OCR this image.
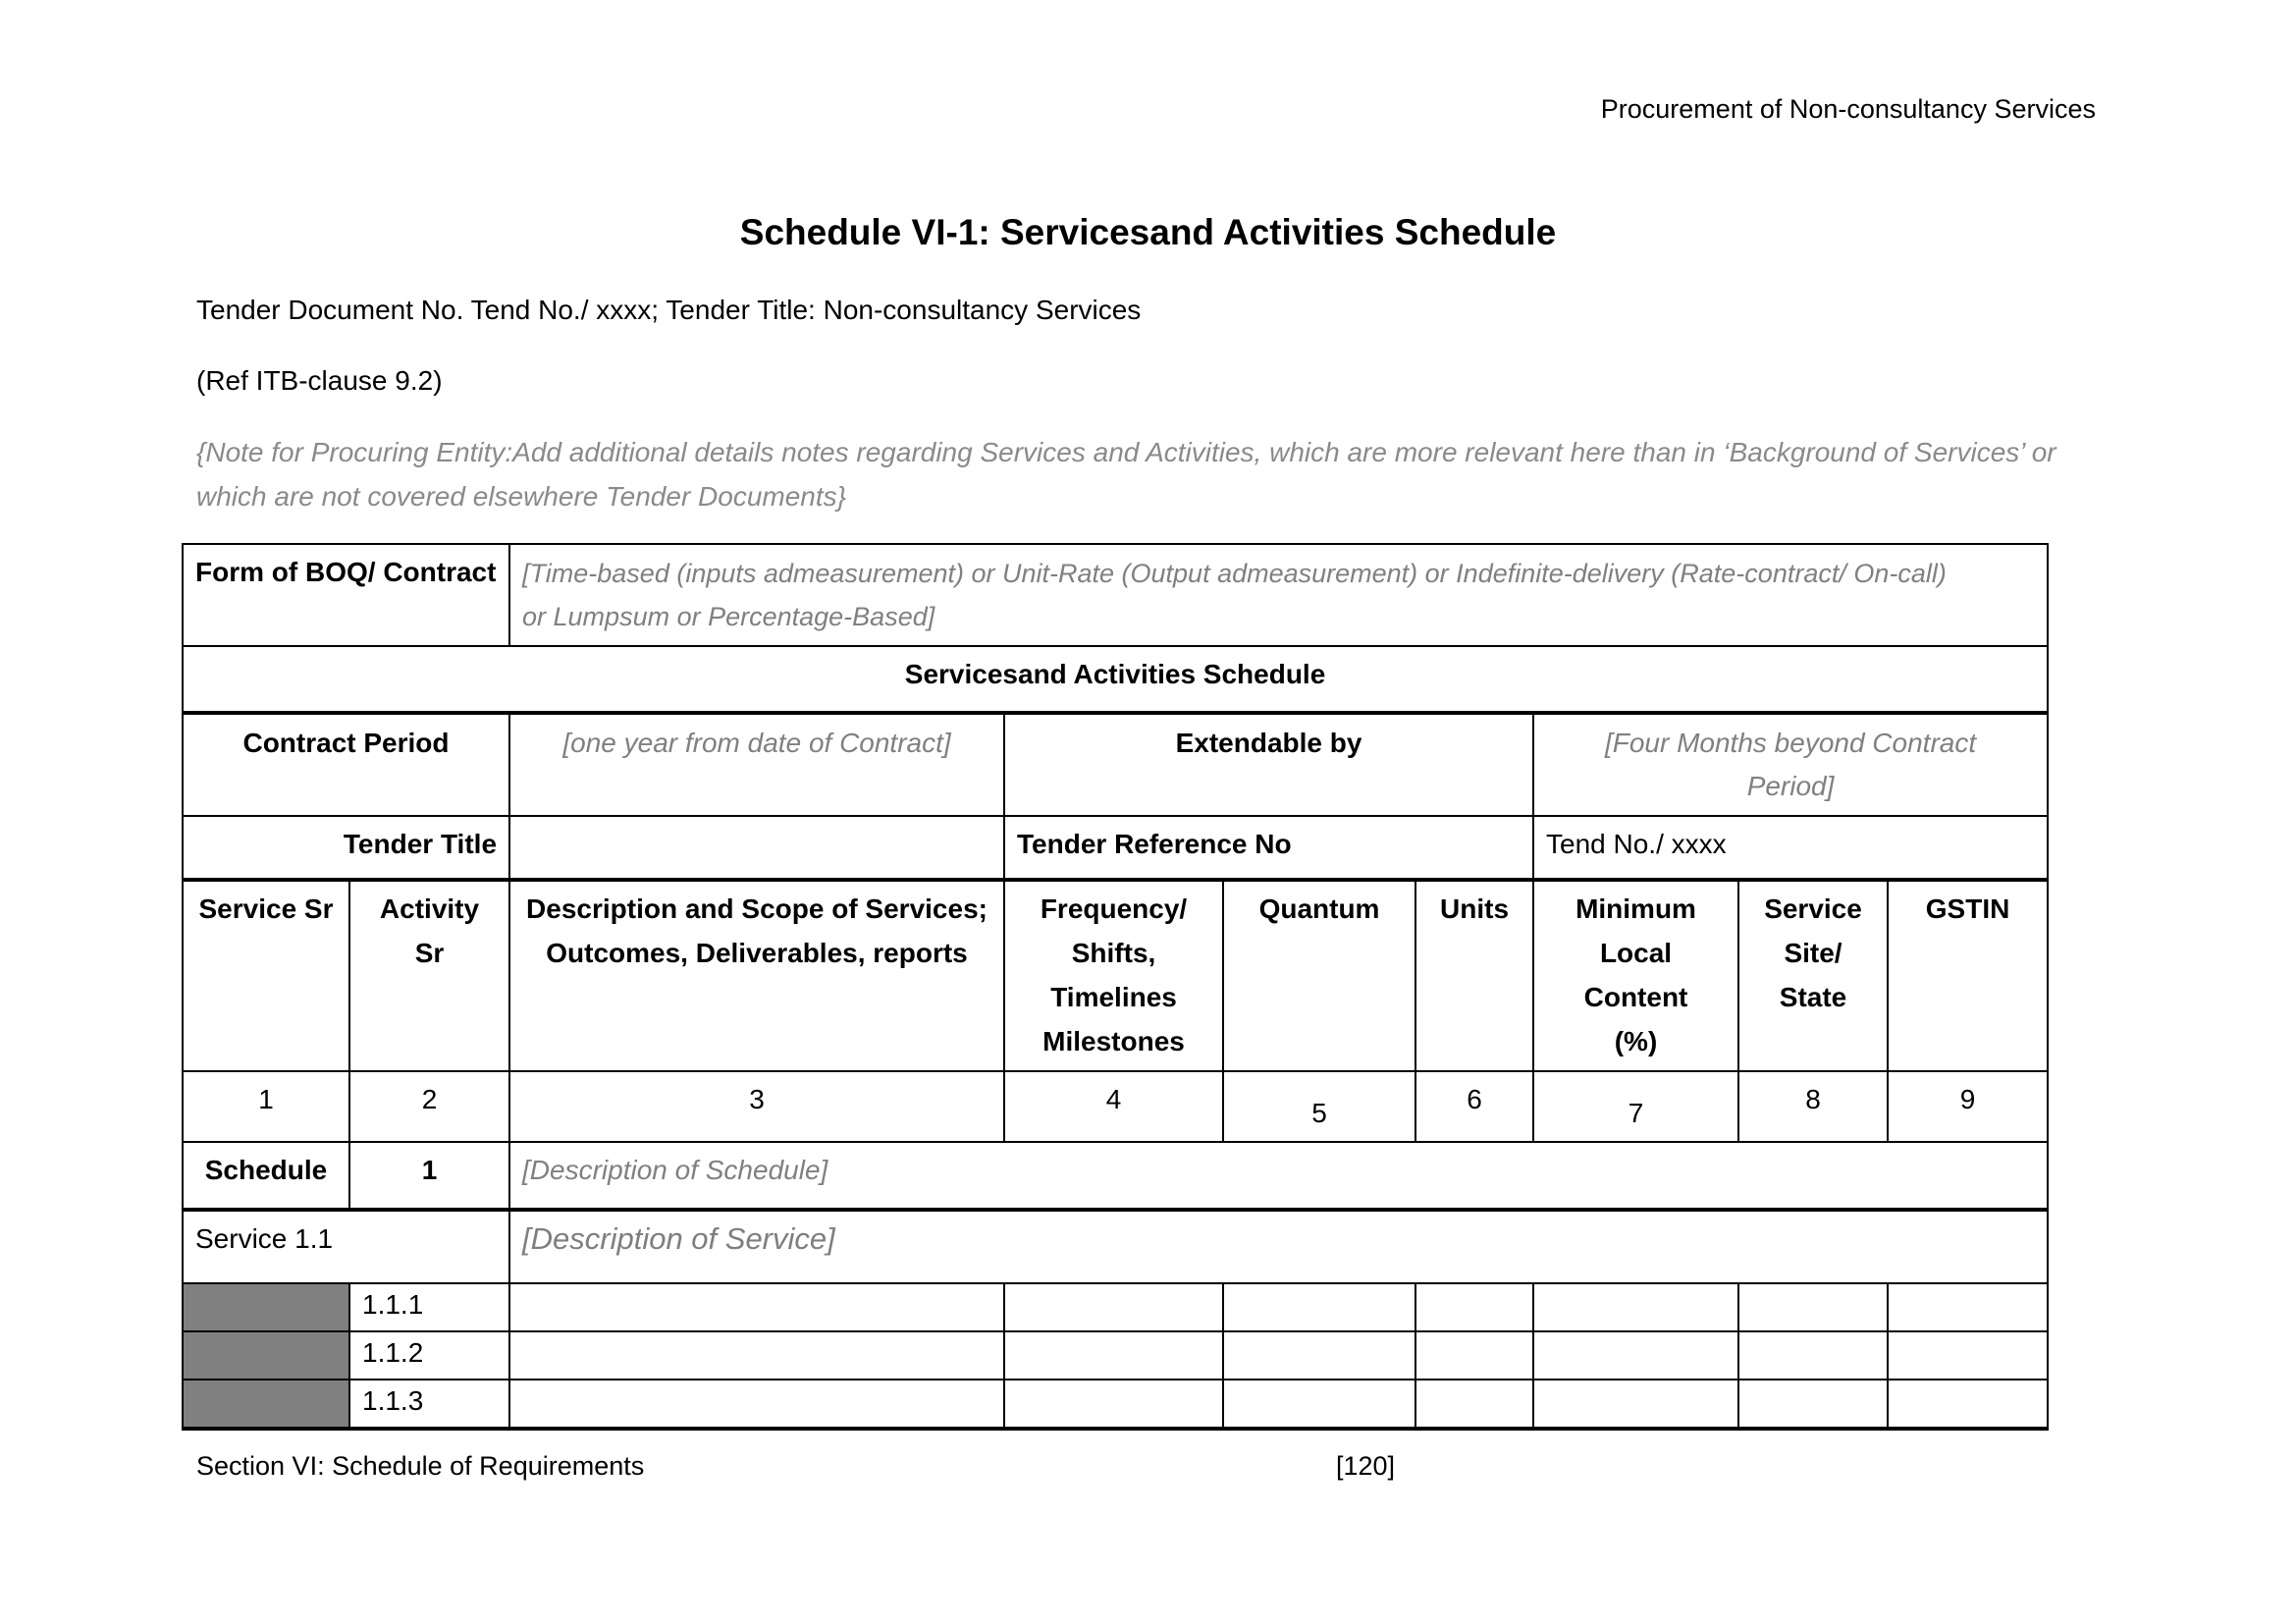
Procurement of Non-consultancy Services
Schedule VI-1: Servicesand Activities Schedule
Tender Document No. Tend No./ xxxx; Tender Title: Non-consultancy Services
(Ref ITB-clause 9.2)
{Note for Procuring Entity:Add additional details notes regarding Services and Activities, which are more relevant here than in ‘Background of Services’ or
which are not covered elsewhere Tender Documents}
Form of BOQ/ Contract		[Time-based (inputs admeasurement) or Unit-Rate (Output admeasurement) or Indefinite-delivery (Rate-contract/ On-call)
or Lumpsum or Percentage-Based]						
Servicesand Activities Schedule								
Contract Period		[one year from date of Contract]	Extendable by			[Four Months beyond Contract
Period]		
Tender Title			Tender Reference No			Tend No./ xxxx		
Service Sr	Activity Sr	Description and Scope of Services;
Outcomes, Deliverables, reports	Frequency/
Shifts,
Timelines
Milestones	Quantum	Units	Minimum
Local Content
(%)	Service
Site/
State	GSTIN
1	2	3	4	5	6	7	8	9
Schedule	1	[Description of Schedule]						
Service 1.1		[Description of Service]						
	1.1.1							
	1.1.2							
	1.1.3							
Section VI: Schedule of Requirements	[120]
